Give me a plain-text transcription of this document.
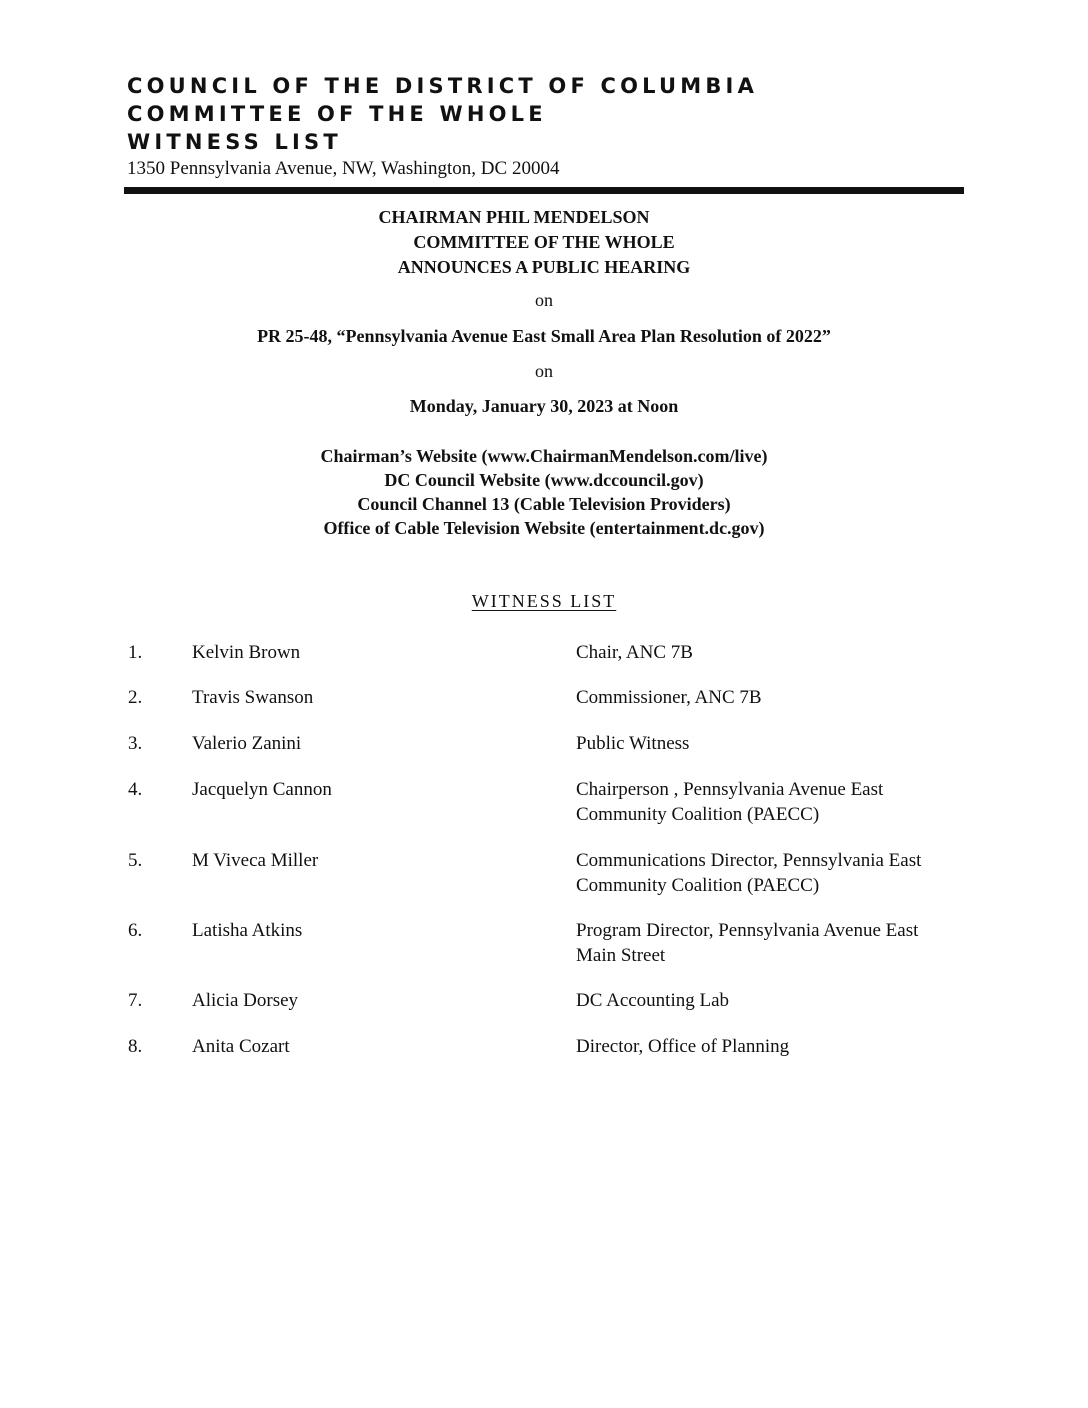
COUNCIL OF THE DISTRICT OF COLUMBIA
COMMITTEE OF THE WHOLE
WITNESS LIST
1350 Pennsylvania Avenue, NW, Washington, DC 20004
CHAIRMAN PHIL MENDELSON
COMMITTEE OF THE WHOLE
ANNOUNCES A PUBLIC HEARING
on
PR 25-48, “Pennsylvania Avenue East Small Area Plan Resolution of 2022”
on
Monday, January 30, 2023 at Noon
Chairman’s Website (www.ChairmanMendelson.com/live)
DC Council Website (www.dccouncil.gov)
Council Channel 13 (Cable Television Providers)
Office of Cable Television Website (entertainment.dc.gov)
WITNESS LIST
1.	Kelvin Brown	Chair, ANC 7B
2.	Travis Swanson	Commissioner, ANC 7B
3.	Valerio Zanini	Public Witness
4.	Jacquelyn Cannon	Chairperson , Pennsylvania Avenue East Community Coalition (PAECC)
5.	M Viveca Miller	Communications Director, Pennsylvania East Community Coalition (PAECC)
6.	Latisha Atkins	Program Director, Pennsylvania Avenue East Main Street
7.	Alicia Dorsey	DC Accounting Lab
8.	Anita Cozart	Director, Office of Planning
